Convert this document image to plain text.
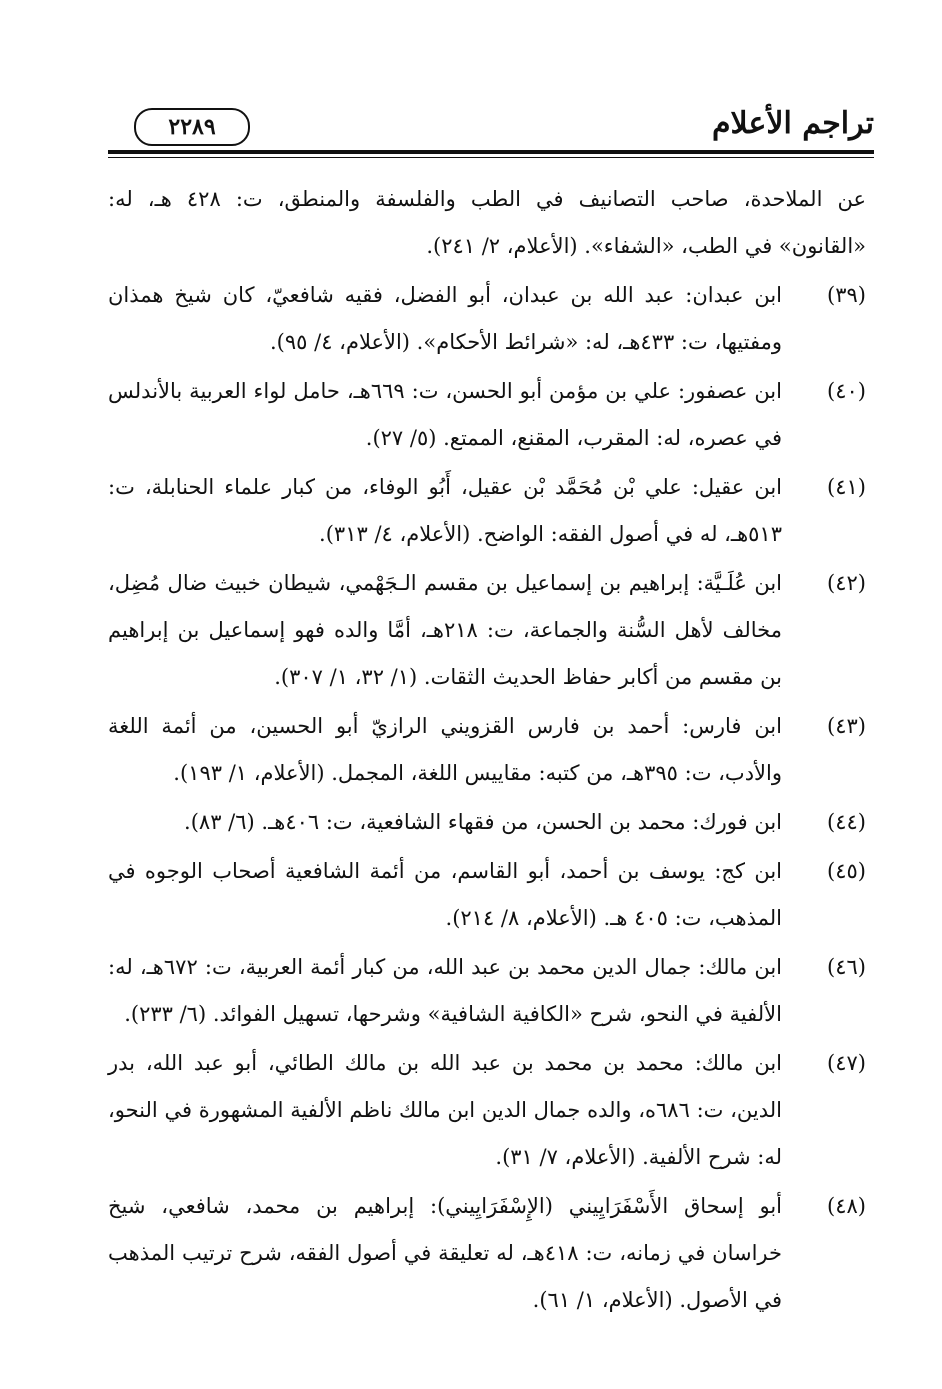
تراجم الأعلام
٢٢٨٩
عن الملاحدة، صاحب التصانيف في الطب والفلسفة والمنطق، ت: ٤٢٨ هـ، له: «القانون» في الطب، «الشفاء». (الأعلام، ٢/ ٢٤١).
(٣٩)
ابن عبدان: عبد الله بن عبدان، أبو الفضل، فقيه شافعيّ، كان شيخ همذان ومفتيها، ت: ٤٣٣هـ، له: «شرائط الأحكام». (الأعلام، ٤/ ٩٥).
(٤٠)
ابن عصفور: علي بن مؤمن أبو الحسن، ت: ٦٦٩هـ، حامل لواء العربية بالأندلس في عصره، له: المقرب، المقنع، الممتع. (٥/ ٢٧).
(٤١)
ابن عقيل: علي بْن مُحَمَّد بْن عقيل، أَبُو الوفاء، من كبار علماء الحنابلة، ت: ٥١٣هـ، له في أصول الفقه: الواضح. (الأعلام، ٤/ ٣١٣).
(٤٢)
ابن عُلَـيَّة: إبراهيم بن إسماعيل بن مقسم الـجَهْمي، شيطان خبيث ضال مُضِل، مخالف لأهل السُّنة والجماعة، ت: ٢١٨هـ، أمَّا والده فهو إسماعيل بن إبراهيم بن مقسم من أكابر حفاظ الحديث الثقات. (١/ ٣٢، ١/ ٣٠٧).
(٤٣)
ابن فارس: أحمد بن فارس القزويني الرازيّ أبو الحسين، من أئمة اللغة والأدب، ت: ٣٩٥هـ، من كتبه: مقاييس اللغة، المجمل. (الأعلام، ١/ ١٩٣).
(٤٤)
ابن فورك: محمد بن الحسن، من فقهاء الشافعية، ت: ٤٠٦هـ. (٦/ ٨٣).
(٤٥)
ابن كج: يوسف بن أحمد، أبو القاسم، من أئمة الشافعية أصحاب الوجوه في المذهب، ت: ٤٠٥ هـ. (الأعلام، ٨/ ٢١٤).
(٤٦)
ابن مالك: جمال الدين محمد بن عبد الله، من كبار أئمة العربية، ت: ٦٧٢هـ، له: الألفية في النحو، شرح «الكافية الشافية» وشرحها، تسهيل الفوائد. (٦/ ٢٣٣).
(٤٧)
ابن مالك: محمد بن محمد بن عبد الله بن مالك الطائي، أبو عبد الله، بدر الدين، ت: ٦٨٦ه، والده جمال الدين ابن مالك ناظم الألفية المشهورة في النحو، له: شرح الألفية. (الأعلام، ٧/ ٣١).
(٤٨)
أبو إسحاق الأَسْفَرَايِيني (الإِسْفَرَايِيني): إبراهيم بن محمد، شافعي، شيخ خراسان في زمانه، ت: ٤١٨هـ، له تعليقة في أصول الفقه، شرح ترتيب المذهب في الأصول. (الأعلام، ١/ ٦١).
